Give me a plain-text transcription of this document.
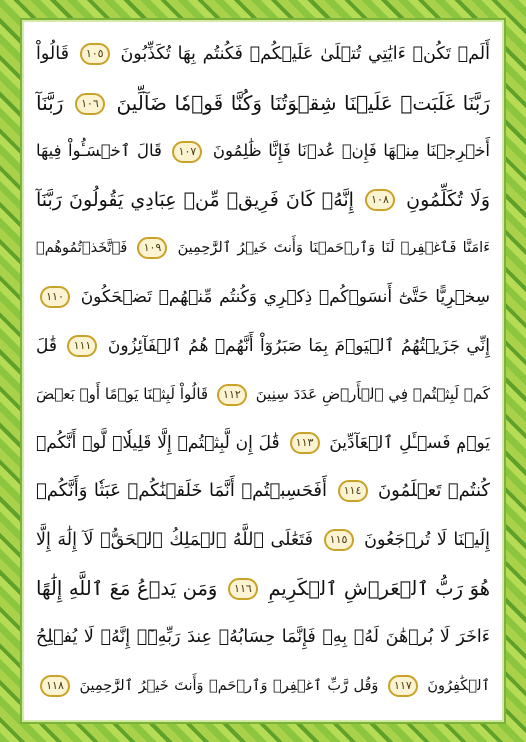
أَلَمۡ تَكُنۡ ءَايَٰتِي تُتۡلَىٰ عَلَيۡكُمۡ فَكُنتُم بِهَا تُكَذِّبُونَ ١٠٥ قَالُواْ
رَبَّنَا غَلَبَتۡ عَلَيۡنَا شِقۡوَتُنَا وَكُنَّا قَوۡمٗا ضَآلِّينَ ١٠٦ رَبَّنَآ
أَخۡرِجۡنَا مِنۡهَا فَإِنۡ عُدۡنَا فَإِنَّا ظَٰلِمُونَ ١٠٧ قَالَ ٱخۡسَـُٔواْ فِيهَا
وَلَا تُكَلِّمُونِ ١٠٨ إِنَّهُۥ كَانَ فَرِيقٞ مِّنۡ عِبَادِي يَقُولُونَ رَبَّنَآ
ءَامَنَّا فَٱغۡفِرۡ لَنَا وَٱرۡحَمۡنَا وَأَنتَ خَيۡرُ ٱلرَّٰحِمِينَ ١٠٩ فَٱتَّخَذۡتُمُوهُمۡ
سِخۡرِيًّا حَتَّىٰٓ أَنسَوۡكُمۡ ذِكۡرِي وَكُنتُم مِّنۡهُمۡ تَضۡحَكُونَ ١١٠
إِنِّي جَزَيۡتُهُمُ ٱلۡيَوۡمَ بِمَا صَبَرُوٓاْ أَنَّهُمۡ هُمُ ٱلۡفَآئِزُونَ ١١١ قَٰلَ
كَمۡ لَبِثۡتُمۡ فِي ٱلۡأَرۡضِ عَدَدَ سِنِينَ ١١٢ قَالُواْ لَبِثۡنَا يَوۡمًا أَوۡ بَعۡضَ
يَوۡمٖ فَسۡـَٔلِ ٱلۡعَآدِّينَ ١١٣ قَٰلَ إِن لَّبِثۡتُمۡ إِلَّا قَلِيلٗاۖ لَّوۡ أَنَّكُمۡ
كُنتُمۡ تَعۡلَمُونَ ١١٤ أَفَحَسِبۡتُمۡ أَنَّمَا خَلَقۡنَٰكُمۡ عَبَثٗا وَأَنَّكُمۡ
إِلَيۡنَا لَا تُرۡجَعُونَ ١١٥ فَتَعَٰلَى ٱللَّهُ ٱلۡمَلِكُ ٱلۡحَقُّۖ لَآ إِلَٰهَ إِلَّا
هُوَ رَبُّ ٱلۡعَرۡشِ ٱلۡكَرِيمِ ١١٦ وَمَن يَدۡعُ مَعَ ٱللَّهِ إِلَٰهًا
ءَاخَرَ لَا بُرۡهَٰنَ لَهُۥ بِهِۦ فَإِنَّمَا حِسَابُهُۥ عِندَ رَبِّهِۦٓۚ إِنَّهُۥ لَا يُفۡلِحُ
ٱلۡكَٰفِرُونَ ١١٧ وَقُل رَّبِّ ٱغۡفِرۡ وَٱرۡحَمۡ وَأَنتَ خَيۡرُ ٱلرَّٰحِمِينَ ١١٨
